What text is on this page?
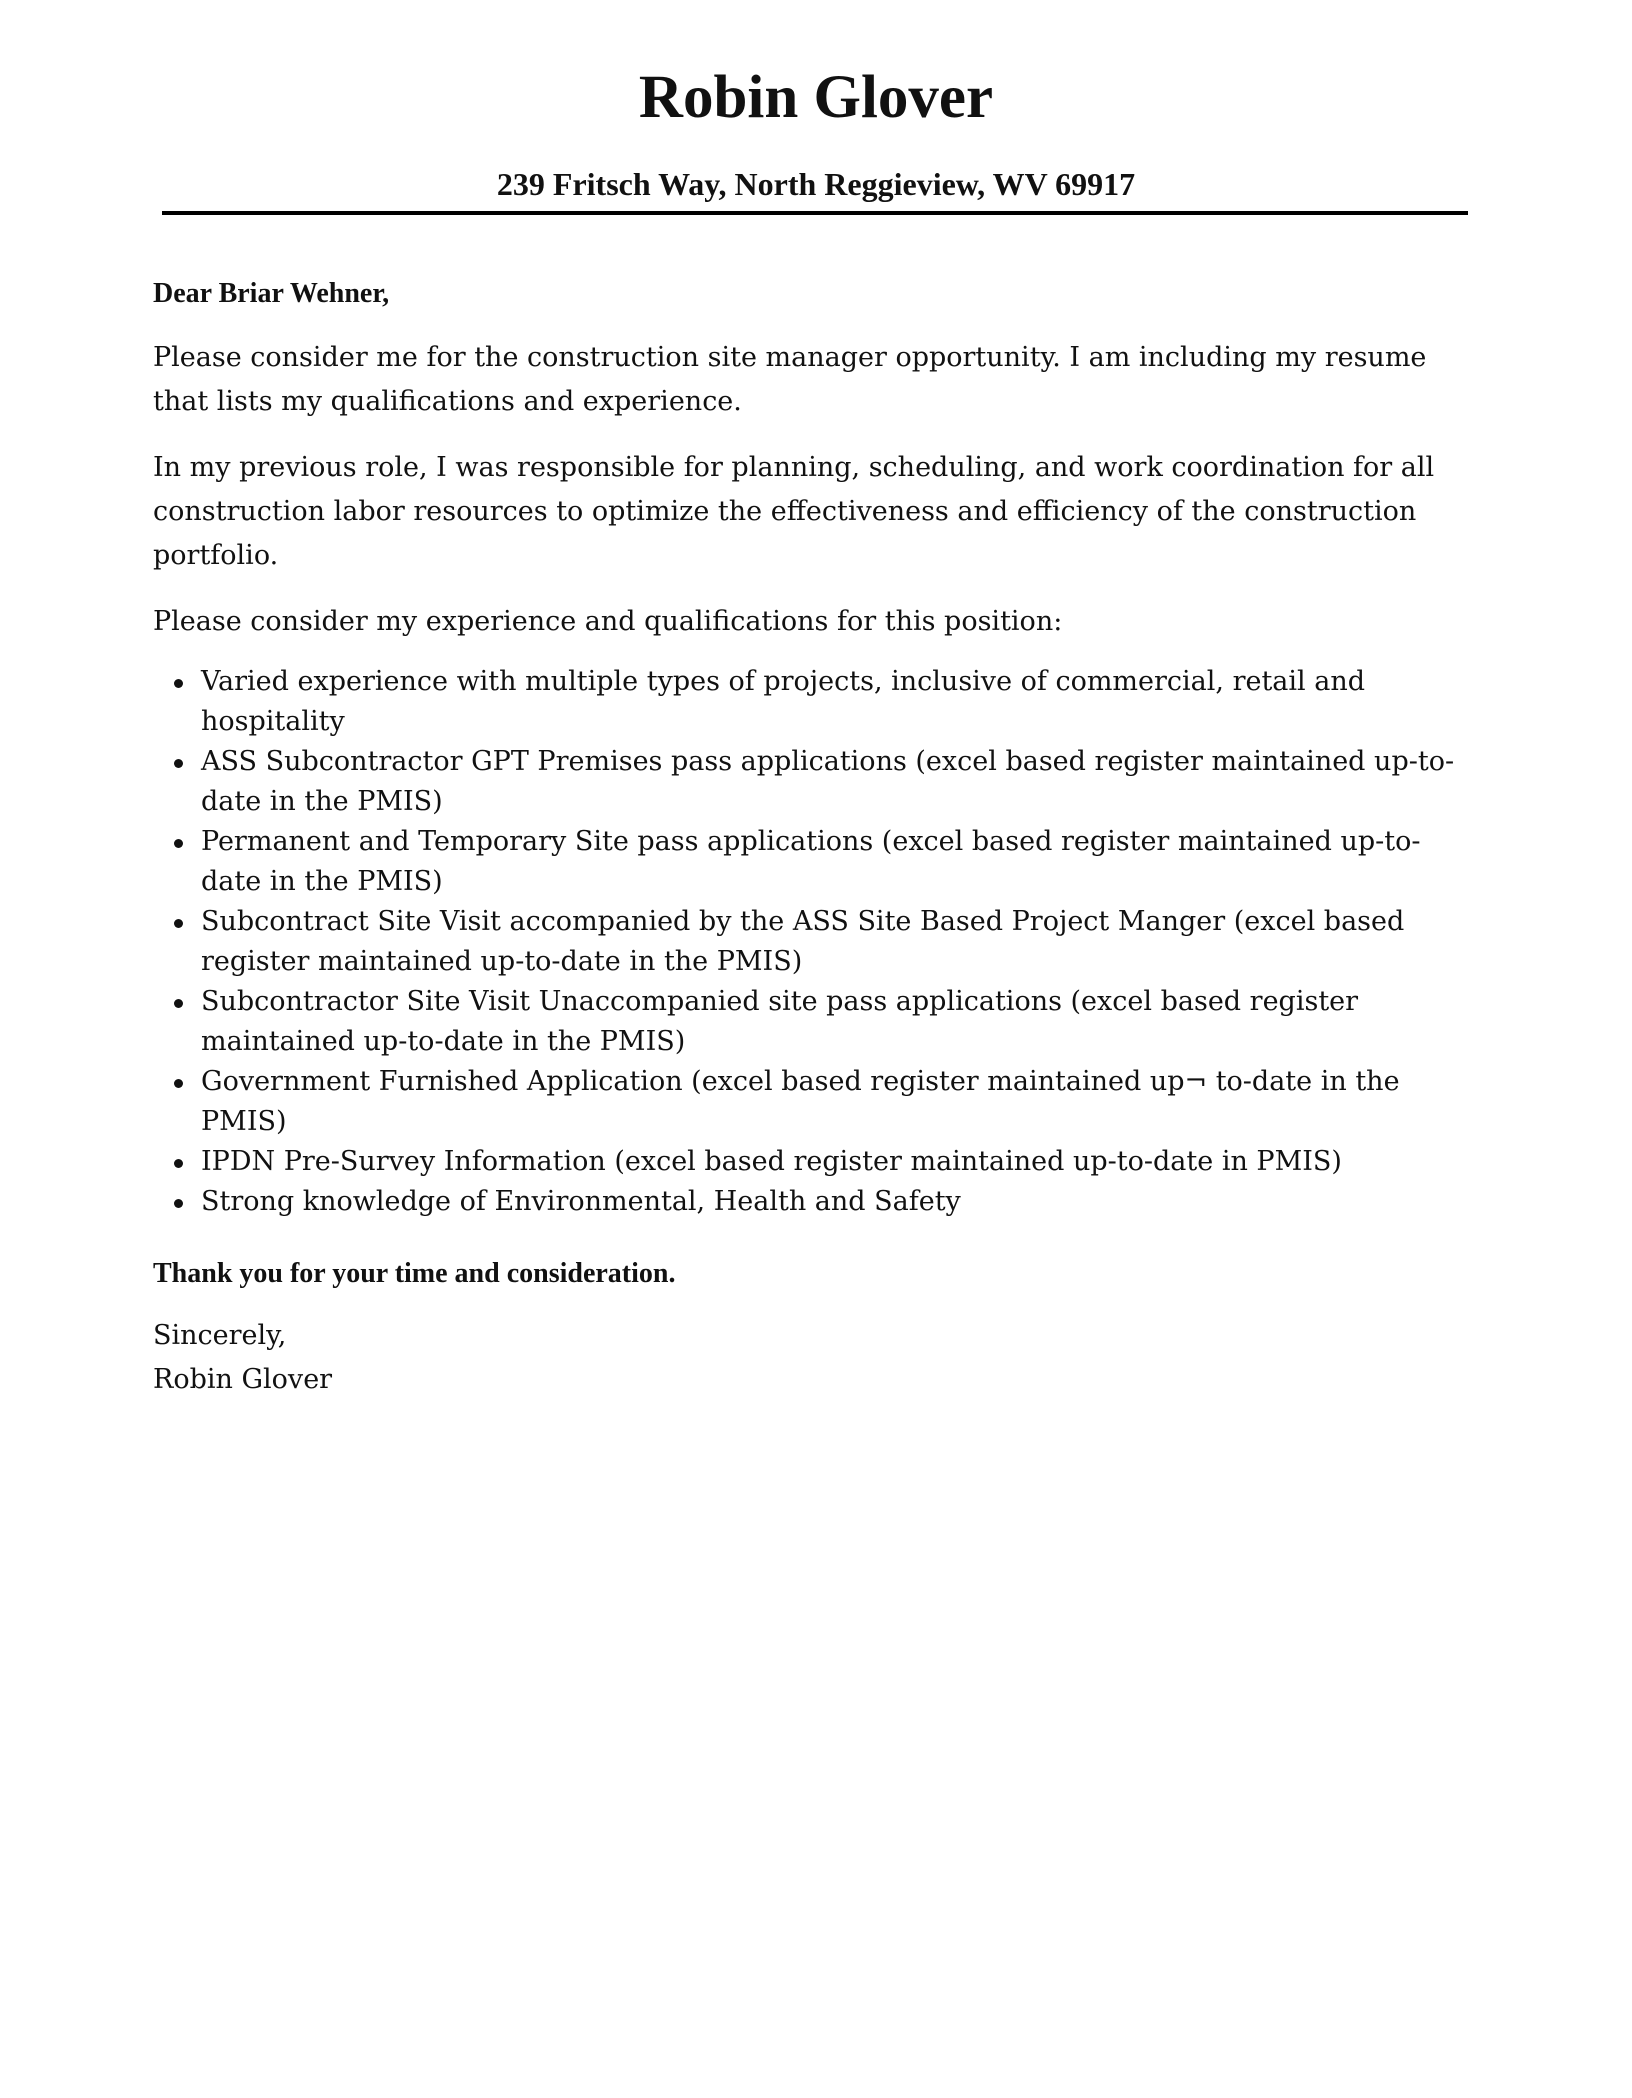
Robin Glover

239 Fritsch Way, North Reggieview, WV 69917

Dear Briar Wehner,

Please consider me for the construction site manager opportunity. I am including my resume that lists my qualifications and experience.

In my previous role, I was responsible for planning, scheduling, and work coordination for all construction labor resources to optimize the effectiveness and efficiency of the construction portfolio.

Please consider my experience and qualifications for this position:

Varied experience with multiple types of projects, inclusive of commercial, retail and hospitality
ASS Subcontractor GPT Premises pass applications (excel based register maintained up-to-date in the PMIS)
Permanent and Temporary Site pass applications (excel based register maintained up-to-date in the PMIS)
Subcontract Site Visit accompanied by the ASS Site Based Project Manger (excel based register maintained up-to-date in the PMIS)
Subcontractor Site Visit Unaccompanied site pass applications (excel based register maintained up-to-date in the PMIS)
Government Furnished Application (excel based register maintained up¬ to-date in the PMIS)
IPDN Pre-Survey Information (excel based register maintained up-to-date in PMIS)
Strong knowledge of Environmental, Health and Safety

Thank you for your time and consideration.

Sincerely,

Robin Glover
